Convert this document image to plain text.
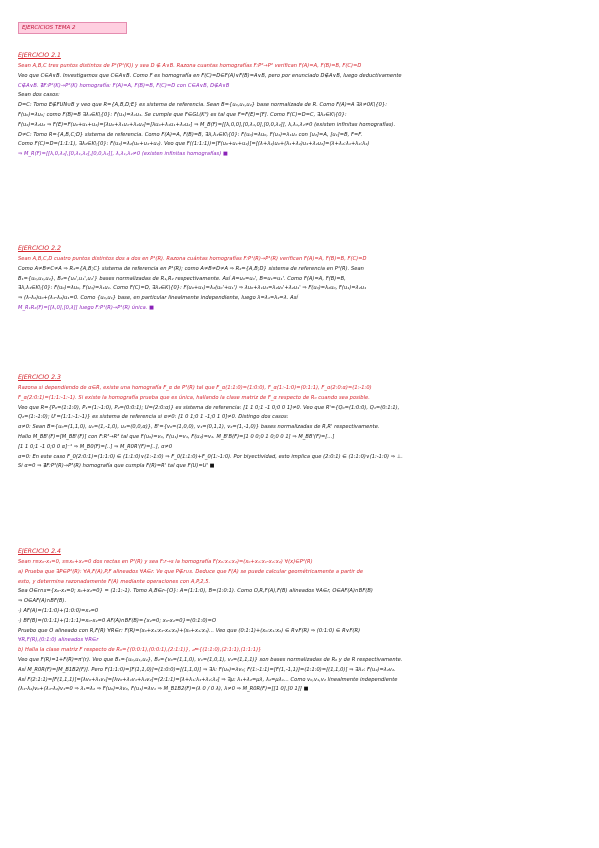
EJERCICIOS TEMA 2
EJERCICIO 2.1
Sean A,B,C tres puntos distintos de P¹(P¹(K)) y sea D ∉ A∨B. Razona cuantas homografías F:P²→P² verifican F(A)=A, F(B)=B, F(C)=D
Veo que C∈A∨B. Investigamos que C∈A∨B. Como F es homografía en F(C)=D∈F(A)∨F(B)=A∨B, pero por enunciado D∉A∨B, luego deductivamente
C∉A∨B. ∄F:P²(K)→P²(K) homografía: F(A)=A, F(B)=B, F(C)=D con C∈A∨B, D∉A∨B
Sean dos casos:
D=C: Tomo E∉FUN∪B y veo que R={A,B,D;E} es sistema de referencia. Sean B={u₀,u₁,u₂} base normalizada de R. Como F(A)=A ∃λ≠0K\{0}:
F(u₀)=λu₀; como F(B)=B ∃λ₁∈K\{0}: F(u₁)=λ₁u₁. Se cumple que F∈GL(K³) es tal que F=F(E)=[F]. Como F(C)=D=C, ∃λ₂∈K\{0}:
F(u₂)=λ₂u₂ ⇒ F(E)=F(u₀+u₁+u₂)=[λu₀+λ₁u₁+λ₂u₂]=[λu₀+λ₁u₁+λ₂u₂] ⇒ M_B(F)=[[λ,0,0],[0,λ₁,0],[0,0,λ₂]], λ,λ₁,λ₂≠0 (existen infinitas homografías).
D≠C: Tomo R={A,B,C;D} sistema de referencia. Como F(A)=A, F(B)=B, ∃λ,λ₁∈K\{0}: F(u₀)=λu₀, F(u₁)=λ₁u₁ con [u₂]=A, [u₁]=B, F=F.
Como F(C)=D=(1:1:1), ∃λ₂∈K\{0}: F(u₂)=λ₂(u₀+u₁+u₂). Veo que F((1:1:1))=[F(u₀+u₁+u₂)]=[(λ+λ₂)u₀+(λ₁+λ₂)u₁+λ₂u₂]=(λ+λ₂:λ₁+λ₂:λ₂)
⇒ M_R(F)=[[λ,0,λ₂],[0,λ₁,λ₂],[0,0,λ₂]], λ,λ₁,λ₂≠0 (existen infinitas homografías) ■
EJERCICIO 2.2
Sean A,B,C,D cuatro puntos distintos dos a dos en P¹(R). Razona cuántas homografías F:P¹(R)→P¹(R) verifican F(A)=A, F(B)=B, F(C)=D
Como A≠B≠C≠A ⇒ R₁={A,B;C} sistema de referencia en P¹(R); como A≠B≠D≠A ⇒ R₂={A,B;D} sistema de referencia en P¹(R). Sean
B₁={u₀,u₁,u₂}, B₂={u₀',u₁',u₂'} bases normalizadas de R₁,R₂ respectivamente. Así A=u₀=u₀', B=u₁=u₁'. Como F(A)=A, F(B)=B,
∃λ,λ₁∈K\{0}: F(u₀)=λu₀, F(u₁)=λ₁u₁. Como F(C)=D, ∃λ₂∈K\{0}: F(u₀+u₁)=λ₂(u₀'+u₁') ⇒ λu₀+λ₁u₁=λ₂u₀'+λ₂u₁' ⇒ F(u₀)=λ₂u₀, F(u₁)=λ₂u₁
⇒ (λ-λ₂)u₀+(λ₁-λ₂)u₁=0. Como {u₀,u₁} base, en particular linealmente independiente, luego λ=λ₁=λ₂=λ. Así
M_R₁R₂(F)=[[λ,0],[0,λ]] luego F:P¹(R)→P¹(R) única. ■
EJERCICIO 2.3
Razona si dependiendo de α∈R, existe una homografía F_α de P³(R) tal que F_α(1:1:0)=(1:0:0), F_α(1:-1:0)=(0:1:1), F_α(2:0:α)=(1:-1:0)
F_α(2:0:1)=(1:1:-1:-1). Si existe la homografía prueba que es única, hallando la clase matriz de F_α respecto de R₀ cuando sea posible.
Veo que R={P₀=(1:1:0), P₁=(1:-1:0), P₂=(0:0:1); U=(2:0:α)} es sistema de referencia: [1 1 0;1 -1 0;0 0 1]≠0. Veo que R'={Q₀=(1:0:0), Q₁=(0:1:1),
Q₂=(1:-1:0); U'=(1:1:-1:-1)} es sistema de referencia si α≠0: [1 0 1;0 1 -1;0 1 0]≠0. Distingo dos casos:
α≠0: Sean B={u₀=(1,1,0), u₁=(1,-1,0), u₂=(0,0,α)}, B'={v₀=(1,0,0), v₁=(0,1,1), v₂=(1,-1,0)} bases normalizadas de R,R' respectivamente.
Hallo M_BB'(F)=[M_BB'(F)] con F:R³→R³ tal que F(u₀)=v₀, F(u₁)=v₁, F(u₂)=v₂. M_B'B(F)=[1 0 0;0 1 0;0 0 1] ⇒ M_BB'(F)=[...]
[1 1 0;1 -1 0;0 0 α]⁻¹ ⇒ M_B0(F)=[..] ⇒ M_R0R'(F)=[..], α≠0
α=0: En este caso F_0(2:0:1)=(1:1:0) ∈ (1:1:0)∨(1:-1:0) ⇒ F_0(1:1:0)+F_0(1:-1:0). Por biyectividad, esto implica que (2:0:1) ∈ (1:1:0)∨(1:-1:0) ⇒ ⊥.
Si α=0 ⇒ ∄F:P³(R)→P³(R) homografía que cumpla F(R)=R' tal que F(U)=U' ■
EJERCICIO 2.4
Sean r≡x₀-x₁=0, s≡x₀+x₂=0 dos rectas en P²(R) y sea F:r→s la homografía F(x₀:x₁:x₂)=(x₀+x₁:x₁-x₂:x₂) ∀(x)∈P²(R)
a) Prueba que ∃P∈P²(R): ∀A,F(A),P,F alineados ∀A∈r. Ve que P∉r∪s. Deduce que F(A) se puede calcular geométricamente a partir de
esto, y determina razonadamente F(A) mediante operaciones con A,P,2,5.
Sea O∈r∩s={x₀-x₁=0; x₀+x₂=0} = (1:1:-1). Tomo A,B∈r-{O}: A=(1:1:0), B=(1:0:1). Como O,R,F(A),F(B) alineados ∀A∈r, O∈AF(A)∩BF(B)
⇒ O∈AF(A)∩BF(B).
·) AF(A)=(1:1:0)+(1:0:0)=x₂=0
·) BF(B)=(0:1:1)+(1:1:1)=x₀-x₂=0 AF(A)∩BF(B)={x₂=0; x₀-x₂=0}=(0:1:0)=O
Pruebo que O alineado con R,F(R) ∀R∈r: F(R)=(x₀+x₁:x₁-x₂:x₂)+(x₀+x₁:x₁)... Veo que (0:1:1)+(x₀:x₁:x₂) ∈ R∨F(R) ⇒ (0:1:0) ∈ R∨F(R)
∀R,F(R),(0:1:0) alineados ∀R∈r
b) Halla la clase matriz F respecto de R₀={(0:0:1),(0:0:1),(2:1:1)}, 𝒹={(1:1:0),(2:1:1),(1:1:1)}
Veo que F(R)=1+F(R)=π'(r). Veo que B₁={u₀,u₁,u₂}, B₂={v₀=(1,1,0), v₁=(1,0,1), v₂=(1,1,1)} son bases normalizadas de R₀ y de R respectivamente.
Así M_R0R(F)=[M_B1B2(F)]. Pero F(1:1:0)=[F(1,1,0)]=(1:0:0)=[(1,1,0)] ⇒ ∃λ: F(u₀)=λv₀; F(1:-1:1)=[F(1,-1,1)]=(1:1:0)=[(1,1,0)] ⇒ ∃λ₂: F(u₂)=λ₂v₂.
Así F(2:1:1)=[F(1,1,1)]=[λv₀+λ₁v₁]=[λv₀+λ₁v₁+λ₂v₂]=(2:1:1)=[λ+λ₁:λ₁+λ₂:λ₂] ⇒ ∃μ: λ₁+λ₂=μλ, λ₂=μλ₁... Como v₀,v₁,v₂ linealmente independiente
(λ₁-λ₂)v₀+(λ₁-λ₂)v₁=0 ⇒ λ₁=λ₂ ⇒ F(u₀)=λv₀, F(u₁)=λv₁ ⇒ M_B1B2(F)=(λ 0 / 0 λ), λ≠0 ⇒ M_R0R(F)=[[1 0],[0 1]] ■
